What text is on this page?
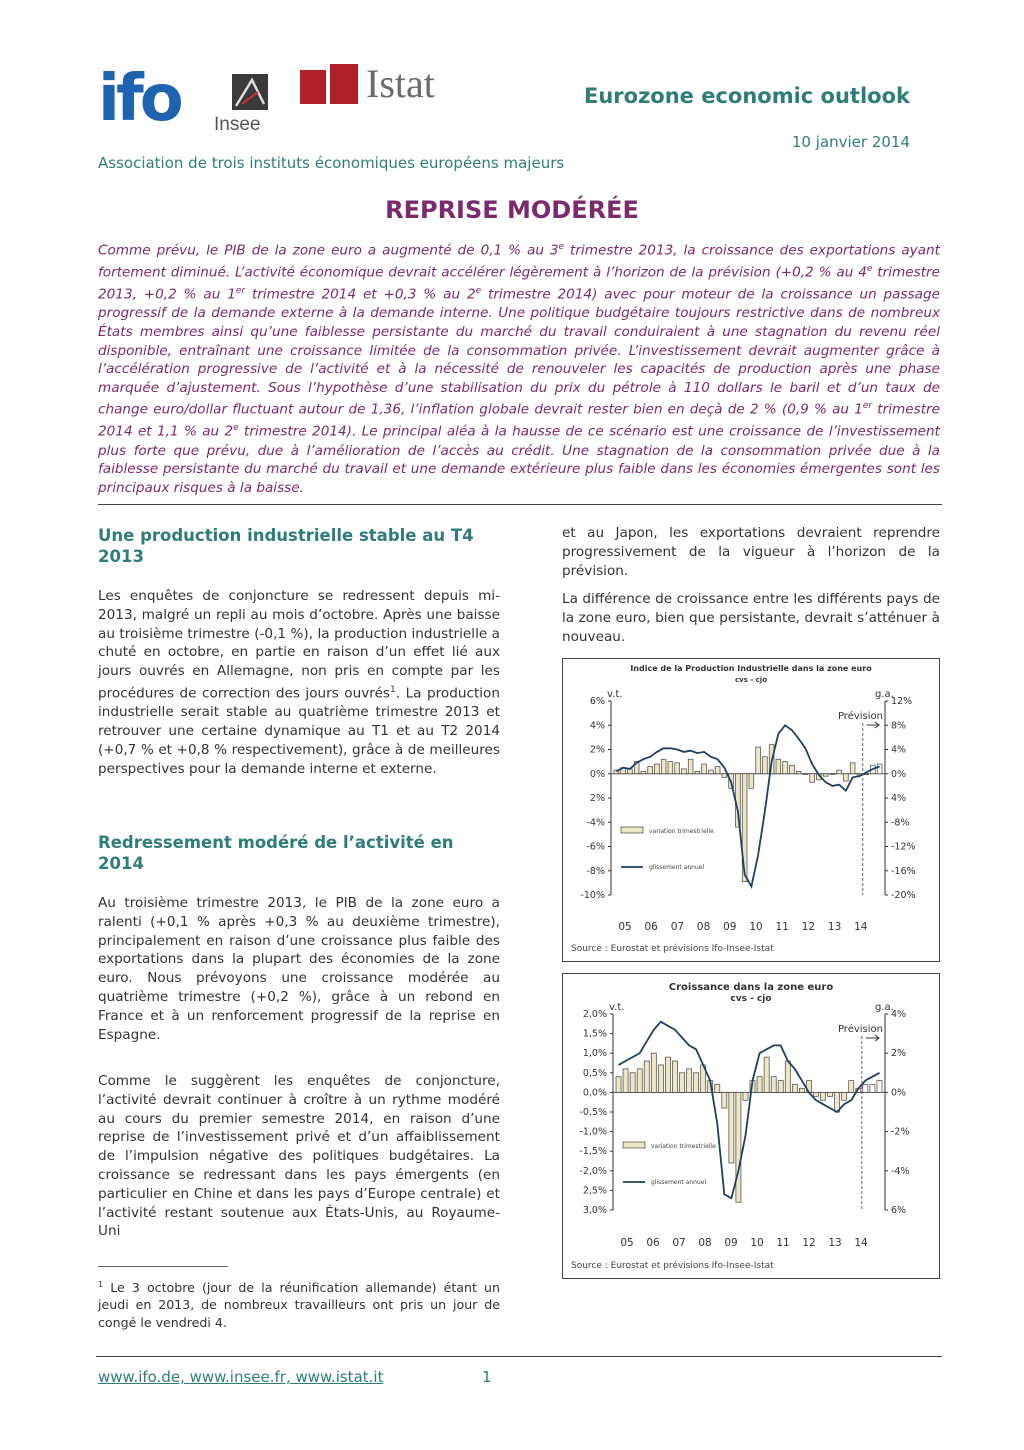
ifo Insee
Istat	Eurozone economic outlook
10 janvier 2014
Association de trois instituts économiques européens majeurs
REPRISE MODÉRÉE
Comme prévu, le PIB de la zone euro a augmenté de 0,1 % au 3e trimestre 2013, la croissance des exportations ayant fortement diminué. L’activité économique devrait accélérer légèrement à l’horizon de la prévision (+0,2 % au 4e trimestre 2013, +0,2 % au 1er trimestre 2014 et +0,3 % au 2e trimestre 2014) avec pour moteur de la croissance un passage progressif de la demande externe à la demande interne. Une politique budgétaire toujours restrictive dans de nombreux États membres ainsi qu’une faiblesse persistante du marché du travail conduiraient à une stagnation du revenu réel disponible, entraînant une croissance limitée de la consommation privée. L’investissement devrait augmenter grâce à l’accélération progressive de l’activité et à la nécessité de renouveler les capacités de production après une phase marquée d’ajustement. Sous l’hypothèse d’une stabilisation du prix du pétrole à 110 dollars le baril et d’un taux de change euro/dollar fluctuant autour de 1,36, l’inflation globale devrait rester bien en deçà de 2 % (0,9 % au 1er trimestre 2014 et 1,1 % au 2e trimestre 2014). Le principal aléa à la hausse de ce scénario est une croissance de l’investissement plus forte que prévu, due à l’amélioration de l’accès au crédit. Une stagnation de la consommation privée due à la faiblesse persistante du marché du travail et une demande extérieure plus faible dans les économies émergentes sont les principaux risques à la baisse.
Une production industrielle stable au T4 2013
Les enquêtes de conjoncture se redressent depuis mi-2013, malgré un repli au mois d’octobre. Après une baisse au troisième trimestre (-0,1 %), la production industrielle a chuté en octobre, en partie en raison d’un effet lié aux jours ouvrés en Allemagne, non pris en compte par les procédures de correction des jours ouvrés$^1$. La production industrielle serait stable au quatrième trimestre 2013 et retrouver une certaine dynamique au T1 et au T2 2014 (+0,7 % et +0,8 % respectivement), grâce à de meilleures perspectives pour la demande interne et externe.
Redressement modéré de l’activité en 2014
Au troisième trimestre 2013, le PIB de la zone euro a ralenti (+0,1 % après +0,3 % au deuxième trimestre), principalement en raison d’une croissance plus faible des exportations dans la plupart des économies de la zone euro. Nous prévoyons une croissance modérée au quatrième trimestre (+0,2 %), grâce à un rebond en France et à un renforcement progressif de la reprise en Espagne.
Comme le suggèrent les enquêtes de conjoncture, l’activité devrait continuer à croître à un rythme modéré au cours du premier semestre 2014, en raison d’une reprise de l’investissement privé et d’un affaiblissement de l’impulsion négative des politiques budgétaires. La croissance se redressant dans les pays émergents (en particulier en Chine et dans les pays d’Europe centrale) et l’activité restant soutenue aux États-Unis, au Royaume-Uni
$^1$ Le 3 octobre (jour de la réunification allemande) étant un jeudi en 2013, de nombreux travailleurs ont pris un jour de congé le vendredi 4.
et au Japon, les exportations devraient reprendre progressivement de la vigueur à l’horizon de la prévision.
La différence de croissance entre les différents pays de la zone euro, bien que persistante, devrait s’atténuer à nouveau.
Indice de la Production Industrielle dans la zone euro
cvs - cjo
v.t.	g.a.
6%
4%
2%
0%
2%
-4%
-6%
-8%
-10%
12%
8%
4%
0%
4%
-8%
-12%
-16%
-20%
Prévision
variation trimestrielle
glissement annuel
05 06 07 08 09 10 11 12 13 14
Source : Eurostat et prévisions Ifo-Insee-Istat
Croissance dans la zone euro
cvs - cjo
v.t.	g.a.
2,0%
1,5%
1,0%
0,5%
0,0%
-0,5%
-1,0%
-1,5%
-2,0%
2,5%
3,0%
4%
2%
0%
-2%
-4%
6%
Prévision
variation trimestrielle
glissement annuel
05 06 07 08 09 10 11 12 13 14
Source : Eurostat et prévisions Ifo-Insee-Istat
www.ifo.de, www.insee.fr, www.istat.it	1
